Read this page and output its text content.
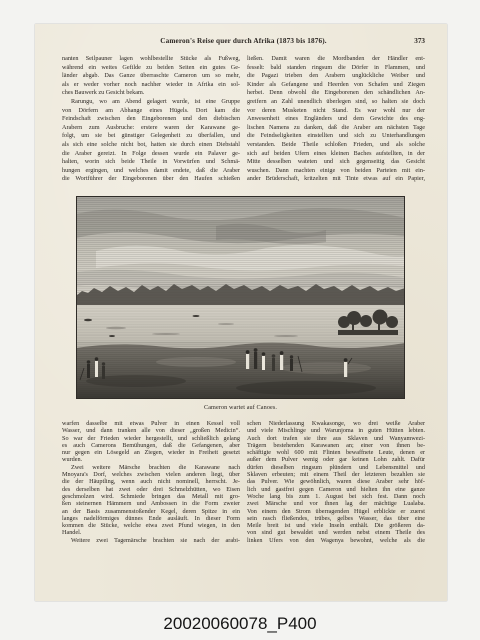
Cameron's Reise quer durch Afrika (1873 bis 1876).	373
nanten Seilpauner lagen wohlbestellte Stücke als Fußweg,
während ein weites Gefilde zu beiden Seiten ein gutes Ge-
länder abgab. Das Ganze überraschte Cameron um so mehr,
als er weder vorher noch nachher wieder in Afrika ein sol-
ches Bauwerk zu Gesicht bekam.
Rarungu, wo am Abend gelagert wurde, ist eine Gruppe
von Dörfern am Abhange eines Hügels. Dort kam die
Feindschaft zwischen den Eingeborenen und den diebischen
Arabern zum Ausbruche: erstere waren der Karawane ge-
folgt, um sie bei günstiger Gelegenheit zu überfallen, und
als sich eine solche nicht bot, hatten sie durch einen Diebstahl
die Araber gereizt. In Folge dessen wurde ein Palaver ge-
halten, worin sich beide Theile in Vorwürfen und Schmä-
hungen ergingen, und welches damit endete, daß die Araber
die Wortführer der Eingeborenen über den Haufen schießen
ließen. Damit waren die Mordbanden der Händler ent-
fesselt: bald standen ringsum die Dörfer in Flammen, und
die Pagazi trieben den Arabern unglückliche Weiber und
Kinder als Gefangene und Heerden von Schafen und Ziegen
herbei. Denn obwohl die Eingeborenen den schändlichen An-
greifern an Zahl unendlich überlegen sind, so halten sie doch
vor deren Musketen nicht Stand. Es war wohl nur der
Anwesenheit eines Engländers und dem Gewichte des eng-
lischen Namens zu danken, daß die Araber am nächsten Tage
die Feindseligkeiten einstellten und sich zu Unterhandlungen
verstanden. Beide Theile schloßen Frieden, und als solche
sich auf beiden Ufern eines kleinen Baches aufstellten, in der
Mitte desselben wateten und sich gegenseitig das Gesicht
wuschen. Dann machten einige von beiden Parteien mit ein-
ander Brüderschaft, kritzelten mit Tinte etwas auf ein Papier,
Cameron wartet auf Canoes.
warfen dasselbe mit etwas Pulver in einen Kessel voll
Wasser, und dann tranken alle von dieser „großen Medicin“.
So war der Frieden wieder hergestellt, und schließlich gelang
es auch Camerons Bemühungen, daß die Gefangenen, aber
nur gegen ein Lösegeld an Ziegen, wieder in Freiheit gesetzt
wurden.
Zwei weitere Märsche brachten die Karawane nach
Mnoyara's Dorf, welches zwischen vielen anderen liegt, über
die der Häuptling, wenn auch nicht nominell, herrscht. Je-
des derselben hat zwei oder drei Schmelzhütten, wo Eisen
geschmolzen wird. Schmiede bringen das Metall mit gro-
ßen steinernen Hämmern und Ambossen in die Form zweier
an der Basis zusammenstoßender Kegel, deren Spitze in ein
langes nadelförmiges dünnes Ende ausläuft. In dieser Form
kommen die Stücke, welche etwa zwei Pfund wiegen, in den
Handel.
Weitere zwei Tagemärsche brachten sie nach der arabi-
schen Niederlassung Kwakasonge, wo drei weiße Araber
und viele Mischlinge und Warunjoma in guten Hütten lebten.
Auch dort trafen sie ihre aus Sklaven und Wanyamwezi-
Trägern bestehenden Karawanen an; einer von ihnen be-
schäftigte wohl 600 mit Flinten bewaffnete Leute, denen er
außer dem Pulver wenig oder gar keinen Lohn zahlt. Dafür
dürfen dieselben ringsum plündern und Lebensmittel und
Sklaven erbeuten; mit einem Theil der letzteren bezahlen sie
das Pulver. Wie gewöhnlich, waren diese Araber sehr höf-
lich und gastfrei gegen Cameron und hielten ihn eine ganze
Woche lang bis zum 1. August bei sich fest. Dann noch
zwei Märsche und vor ihnen lag der mächtige Lualaba.
Von einem den Strom überragenden Hügel erblickte er zuerst
sein rasch fließendes, trübes, gelbes Wasser, das über eine
Meile breit ist und viele Inseln enthält. Die größeren da-
von sind gut bewaldet und werden nebst einem Theile des
linken Ufers von den Wagenya bewohnt, welche als die
20020060078_P400
